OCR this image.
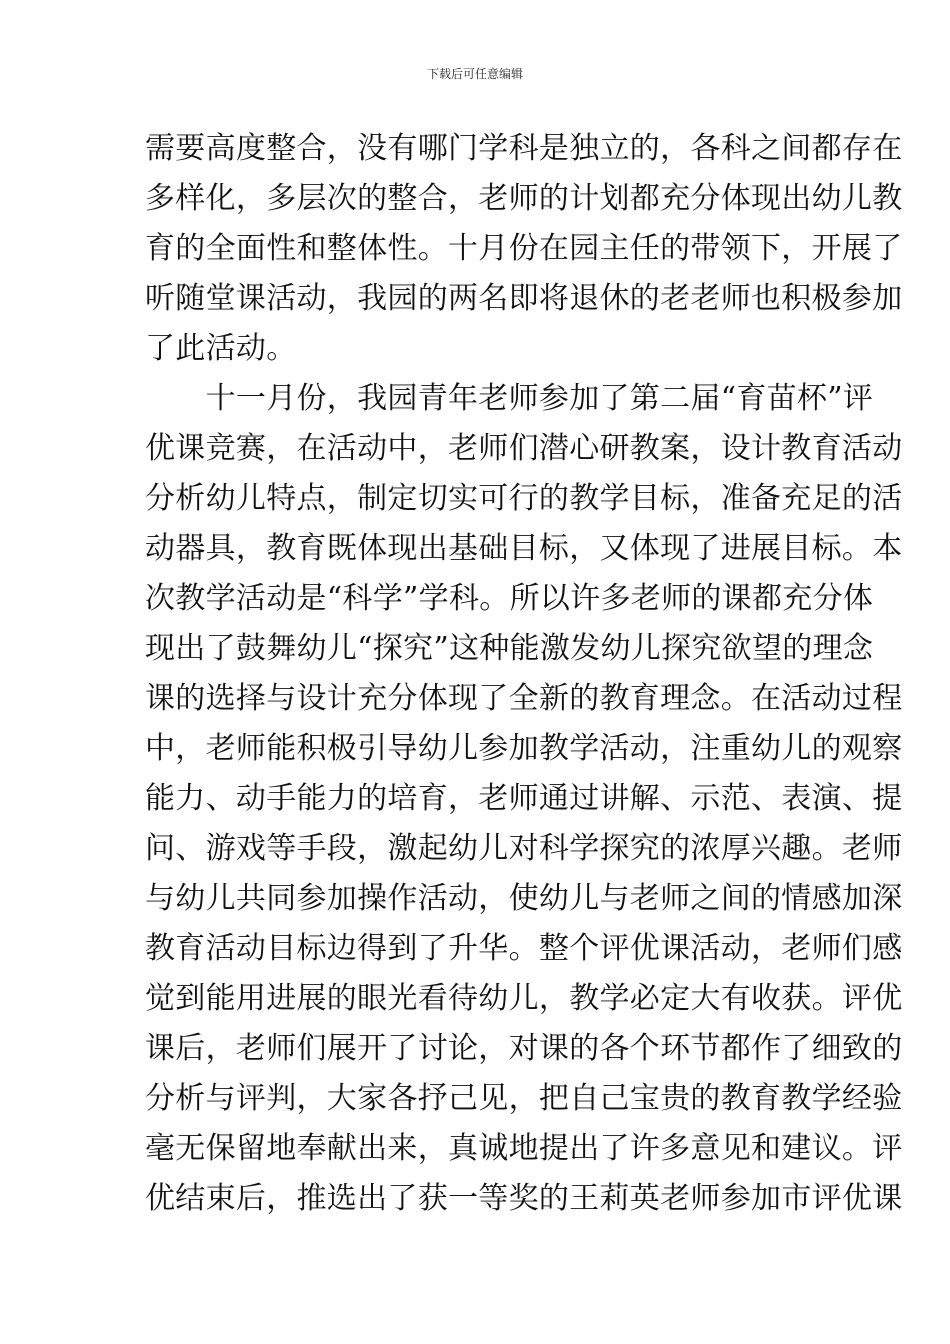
下载后可任意编辑
需要高度整合，没有哪门学科是独立的，各科之间都存在
多样化，多层次的整合，老师的计划都充分体现出幼儿教
育的全面性和整体性。十月份在园主任的带领下，开展了
听随堂课活动，我园的两名即将退休的老老师也积极参加
了此活动。
　　十一月份，我园青年老师参加了第二届“育苗杯”评
优课竞赛，在活动中，老师们潜心研教案，设计教育活动
分析幼儿特点，制定切实可行的教学目标，准备充足的活
动器具，教育既体现出基础目标，又体现了进展目标。本
次教学活动是“科学”学科。所以许多老师的课都充分体
现出了鼓舞幼儿“探究”这种能激发幼儿探究欲望的理念
课的选择与设计充分体现了全新的教育理念。在活动过程
中，老师能积极引导幼儿参加教学活动，注重幼儿的观察
能力、动手能力的培育，老师通过讲解、示范、表演、提
问、游戏等手段，激起幼儿对科学探究的浓厚兴趣。老师
与幼儿共同参加操作活动，使幼儿与老师之间的情感加深
教育活动目标边得到了升华。整个评优课活动，老师们感
觉到能用进展的眼光看待幼儿，教学必定大有收获。评优
课后，老师们展开了讨论，对课的各个环节都作了细致的
分析与评判，大家各抒己见，把自己宝贵的教育教学经验
毫无保留地奉献出来，真诚地提出了许多意见和建议。评
优结束后，推选出了获一等奖的王莉英老师参加市评优课
